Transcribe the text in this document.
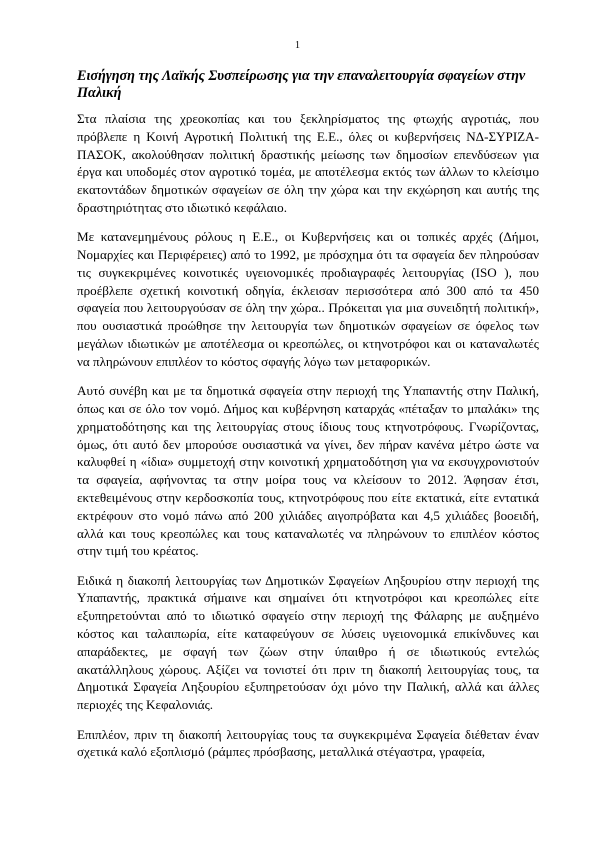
1
Εισήγηση της Λαϊκής Συσπείρωσης για την επαναλειτουργία σφαγείων στην Παλική

Στα πλαίσια της χρεοκοπίας και του ξεκληρίσματος της φτωχής αγροτιάς, που πρόβλεπε η Κοινή Αγροτική Πολιτική της Ε.Ε., όλες οι κυβερνήσεις ΝΔ-ΣΥΡΙΖΑ-ΠΑΣΟΚ, ακολούθησαν πολιτική δραστικής μείωσης των δημοσίων επενδύσεων για έργα και υποδομές στον αγροτικό τομέα, με αποτέλεσμα εκτός των άλλων το κλείσιμο εκατοντάδων δημοτικών σφαγείων σε όλη την χώρα και την εκχώρηση και αυτής της δραστηριότητας στο ιδιωτικό κεφάλαιο.

Με κατανεμημένους ρόλους η Ε.Ε., οι Κυβερνήσεις και οι τοπικές αρχές (Δήμοι, Νομαρχίες και Περιφέρειες) από το 1992, με πρόσχημα ότι τα σφαγεία δεν πληρούσαν τις συγκεκριμένες κοινοτικές υγειονομικές προδιαγραφές λειτουργίας (ISO ), που προέβλεπε σχετική κοινοτική οδηγία, έκλεισαν περισσότερα από 300 από τα 450 σφαγεία που λειτουργούσαν σε όλη την χώρα.. Πρόκειται για μια συνειδητή πολιτική», που ουσιαστικά προώθησε την λειτουργία των δημοτικών σφαγείων σε όφελος των μεγάλων ιδιωτικών με αποτέλεσμα οι κρεοπώλες, οι κτηνοτρόφοι και οι καταναλωτές να πληρώνουν επιπλέον το κόστος σφαγής λόγω των μεταφορικών.

Αυτό συνέβη και με τα δημοτικά σφαγεία στην περιοχή της Υπαπαντής στην Παλική, όπως και σε όλο τον νομό. Δήμος και κυβέρνηση καταρχάς «πέταξαν το μπαλάκι» της χρηματοδότησης και της λειτουργίας στους ίδιους τους κτηνοτρόφους. Γνωρίζοντας, όμως, ότι αυτό δεν μπορούσε ουσιαστικά να γίνει, δεν πήραν κανένα μέτρο ώστε να καλυφθεί η «ίδια» συμμετοχή στην κοινοτική χρηματοδότηση για να εκσυγχρονιστούν τα σφαγεία, αφήνοντας τα στην μοίρα τους να κλείσουν το 2012. Άφησαν έτσι, εκτεθειμένους στην κερδοσκοπία τους, κτηνοτρόφους που είτε εκτατικά, είτε εντατικά εκτρέφουν στο νομό πάνω από 200 χιλιάδες αιγοπρόβατα και 4,5 χιλιάδες βοοειδή, αλλά και τους κρεοπώλες και τους καταναλωτές να πληρώνουν το επιπλέον κόστος στην τιμή του κρέατος.

Ειδικά η διακοπή λειτουργίας των Δημοτικών Σφαγείων Ληξουρίου στην περιοχή της Υπαπαντής, πρακτικά σήμαινε και σημαίνει ότι κτηνοτρόφοι και κρεοπώλες είτε εξυπηρετούνται από το ιδιωτικό σφαγείο στην περιοχή της Φάλαρης με αυξημένο κόστος και ταλαιπωρία, είτε καταφεύγουν σε λύσεις υγειονομικά επικίνδυνες και απαράδεκτες, με σφαγή των ζώων στην ύπαιθρο ή σε ιδιωτικούς εντελώς ακατάλληλους χώρους. Αξίζει να τονιστεί ότι πριν τη διακοπή λειτουργίας τους, τα Δημοτικά Σφαγεία Ληξουρίου εξυπηρετούσαν όχι μόνο την Παλική, αλλά και άλλες περιοχές της Κεφαλονιάς.

Επιπλέον, πριν τη διακοπή λειτουργίας τους τα συγκεκριμένα Σφαγεία διέθεταν έναν σχετικά καλό εξοπλισμό (ράμπες πρόσβασης, μεταλλικά στέγαστρα, γραφεία,
